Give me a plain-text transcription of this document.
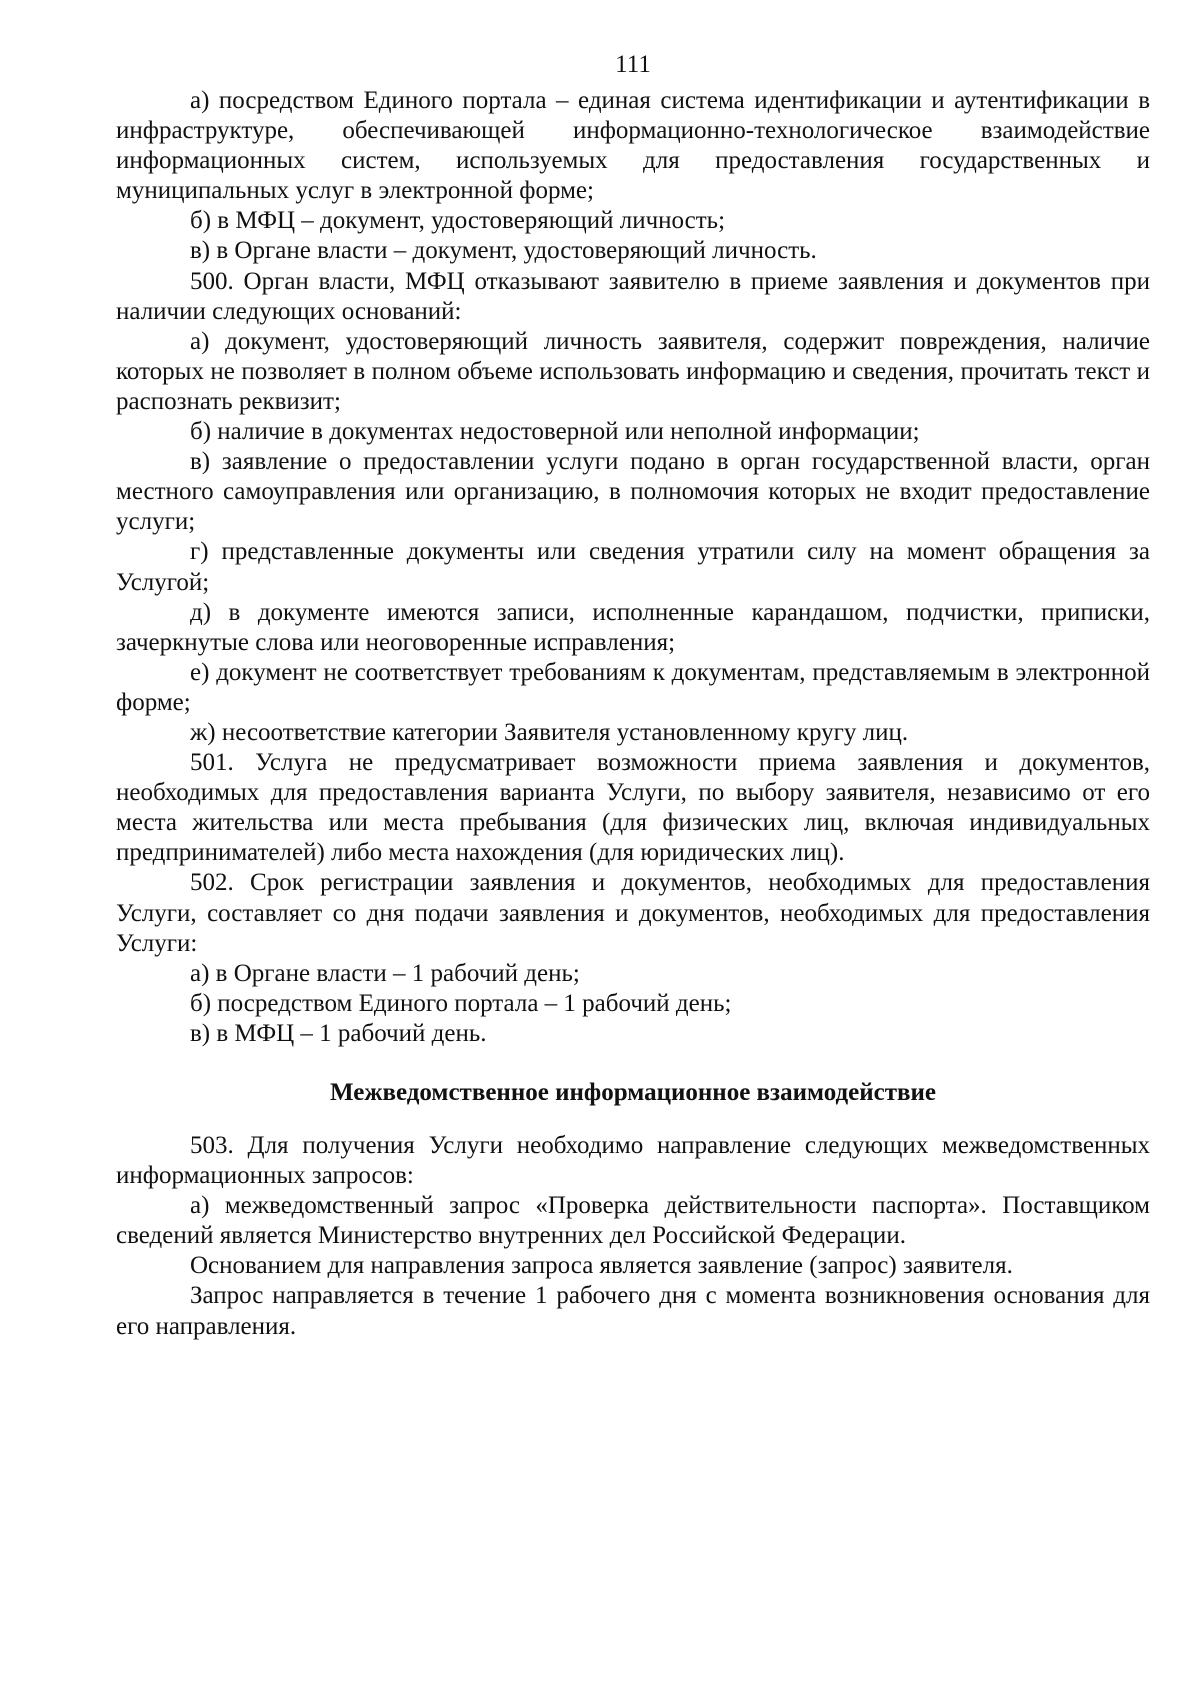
111

а) посредством Единого портала – единая система идентификации и аутентификации в инфраструктуре, обеспечивающей информационно-технологическое взаимодействие информационных систем, используемых для предоставления государственных и муниципальных услуг в электронной форме;

б) в МФЦ – документ, удостоверяющий личность;

в) в Органе власти – документ, удостоверяющий личность.

500. Орган власти, МФЦ отказывают заявителю в приеме заявления и документов при наличии следующих оснований:

а) документ, удостоверяющий личность заявителя, содержит повреждения, наличие которых не позволяет в полном объеме использовать информацию и сведения, прочитать текст и распознать реквизит;

б) наличие в документах недостоверной или неполной информации;

в) заявление о предоставлении услуги подано в орган государственной власти, орган местного самоуправления или организацию, в полномочия которых не входит предоставление услуги;

г) представленные документы или сведения утратили силу на момент обращения за Услугой;

д) в документе имеются записи, исполненные карандашом, подчистки, приписки, зачеркнутые слова или неоговоренные исправления;

е) документ не соответствует требованиям к документам, представляемым в электронной форме;

ж) несоответствие категории Заявителя установленному кругу лиц.

501. Услуга не предусматривает возможности приема заявления и документов, необходимых для предоставления варианта Услуги, по выбору заявителя, независимо от его места жительства или места пребывания (для физических лиц, включая индивидуальных предпринимателей) либо места нахождения (для юридических лиц).

502. Срок регистрации заявления и документов, необходимых для предоставления Услуги, составляет со дня подачи заявления и документов, необходимых для предоставления Услуги:

а) в Органе власти – 1 рабочий день;

б) посредством Единого портала – 1 рабочий день;

в) в МФЦ – 1 рабочий день.

Межведомственное информационное взаимодействие

503. Для получения Услуги необходимо направление следующих межведомственных информационных запросов:

а) межведомственный запрос «Проверка действительности паспорта». Поставщиком сведений является Министерство внутренних дел Российской Федерации.

Основанием для направления запроса является заявление (запрос) заявителя.

Запрос направляется в течение 1 рабочего дня с момента возникновения основания для его направления.
